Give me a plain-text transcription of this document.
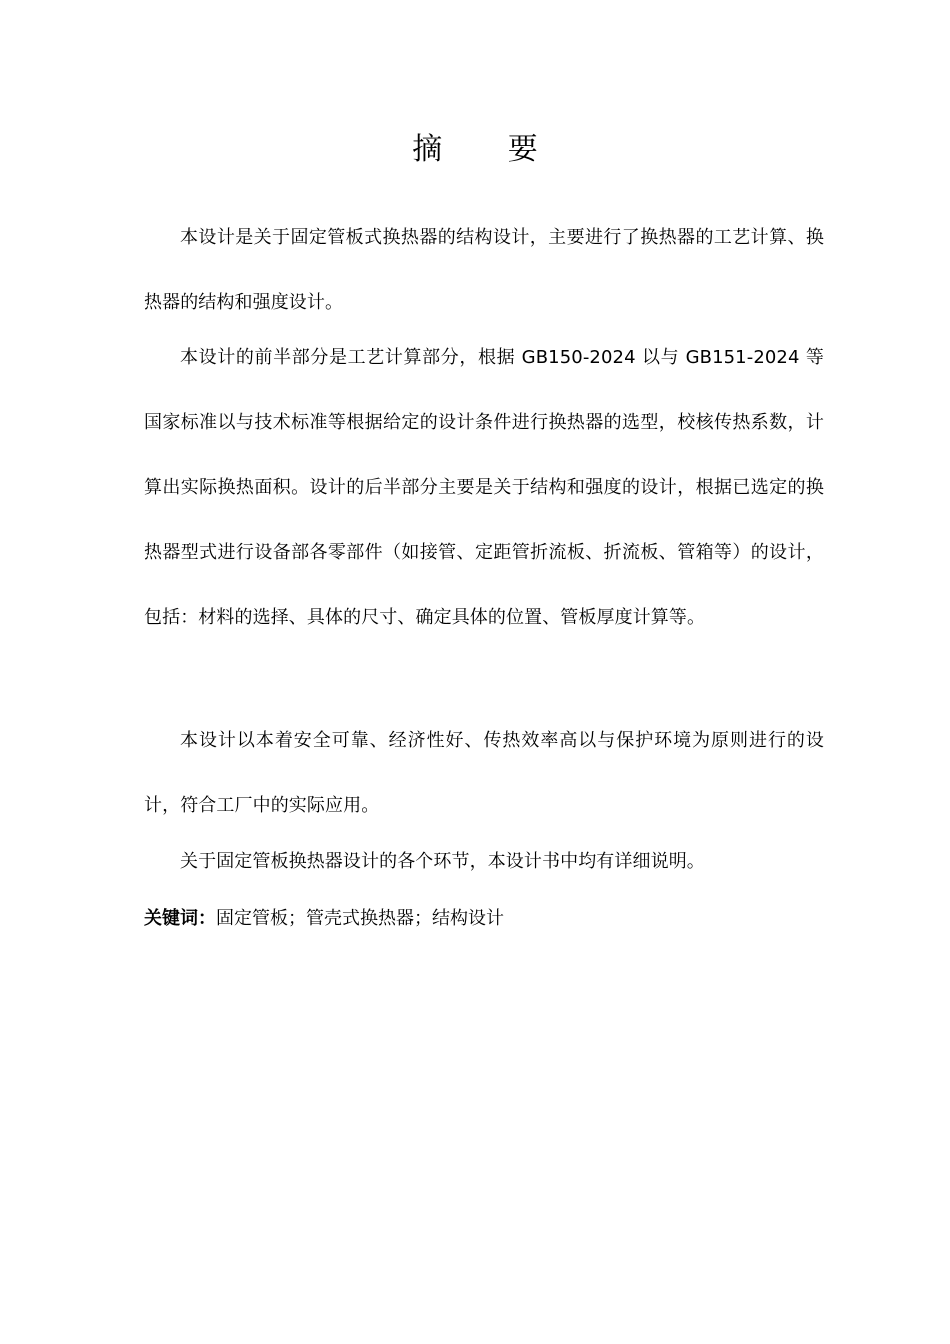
摘 要

本设计是关于固定管板式换热器的结构设计，主要进行了换热器的工艺计算、换热器的结构和强度设计。

本设计的前半部分是工艺计算部分，根据 GB150-2024 以与 GB151-2024 等国家标准以与技术标准等根据给定的设计条件进行换热器的选型，校核传热系数，计算出实际换热面积。设计的后半部分主要是关于结构和强度的设计，根据已选定的换热器型式进行设备部各零部件（如接管、定距管折流板、折流板、管箱等）的设计，包括：材料的选择、具体的尺寸、确定具体的位置、管板厚度计算等。

本设计以本着安全可靠、经济性好、传热效率高以与保护环境为原则进行的设计，符合工厂中的实际应用。

关于固定管板换热器设计的各个环节，本设计书中均有详细说明。

关键词：固定管板；管壳式换热器；结构设计
